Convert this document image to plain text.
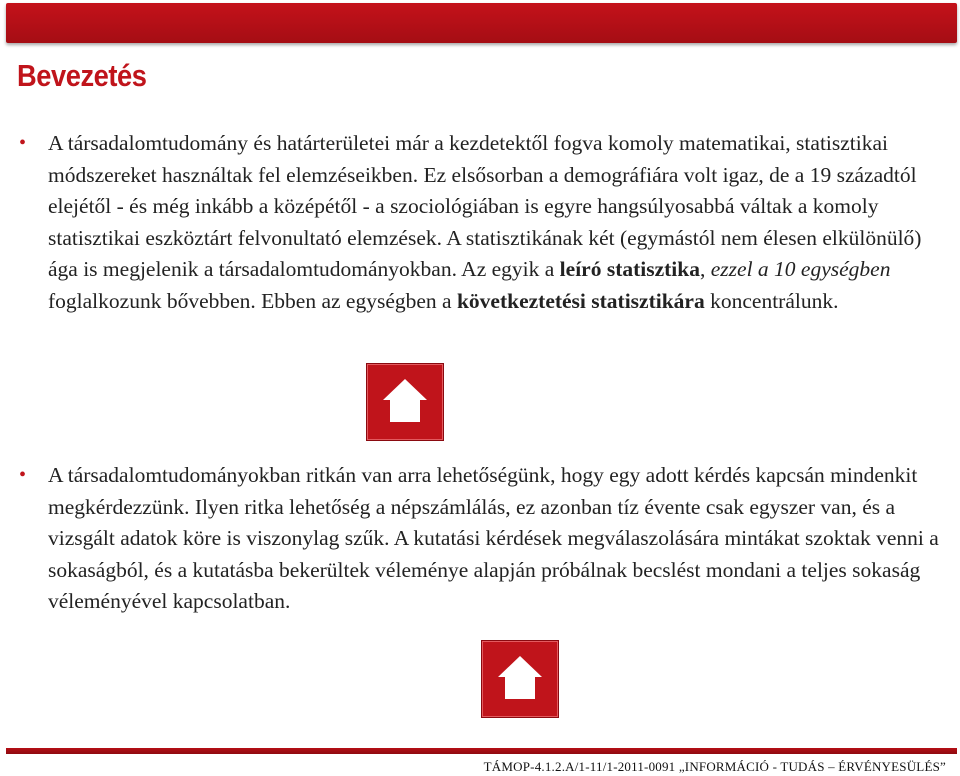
Bevezetés
• A társadalomtudomány és határterületei már a kezdetektől fogva komoly matematikai, statisztikai módszereket használtak fel elemzéseikben. Ez elsősorban a demográfiára volt igaz, de a 19 századtól elejétől - és még inkább a középétől - a szociológiában is egyre hangsúlyosabbá váltak a komoly statisztikai eszköztárt felvonultató elemzések. A statisztikának két (egymástól nem élesen elkülönülő) ága is megjelenik a társadalomtudományokban. Az egyik a leíró statisztika, ezzel a 10 egységben foglalkozunk bővebben. Ebben az egységben a következtetési statisztikára koncentrálunk.
• A társadalomtudományokban ritkán van arra lehetőségünk, hogy egy adott kérdés kapcsán mindenkit megkérdezzünk. Ilyen ritka lehetőség a népszámlálás, ez azonban tíz évente csak egyszer van, és a vizsgált adatok köre is viszonylag szűk. A kutatási kérdések megválaszolására mintákat szoktak venni a sokaságból, és a kutatásba bekerültek véleménye alapján próbálnak becslést mondani a teljes sokaság véleményével kapcsolatban.
TÁMOP-4.1.2.A/1-11/1-2011-0091 „INFORMÁCIÓ - TUDÁS – ÉRVÉNYESÜLÉS”
